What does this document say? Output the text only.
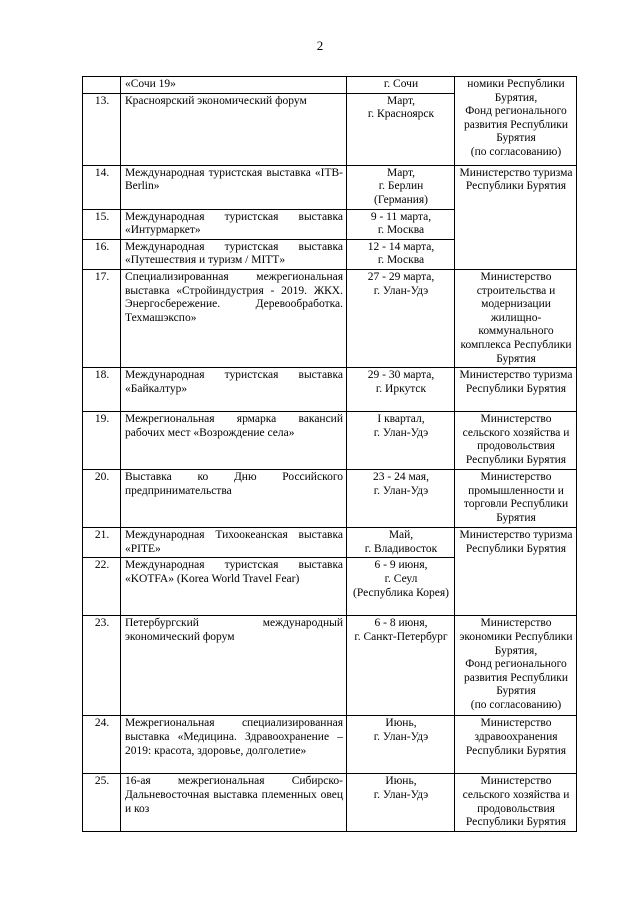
2
	«Сочи 19»	г. Сочи	номики Республики Бурятия,
Фонд регионального развития Республики Бурятия
(по согласованию)
13.	Красноярский экономический форум	Март,
г. Красноярск	
14.	Международная туристская выставка «ITB-Berlin»	Март,
г. Берлин
(Германия)	Министерство туризма Республики Бурятия
15.	Международная туристская выставка «Интурмаркет»	9 - 11 марта,
г. Москва	
16.	Международная туристская выставка «Путешествия и туризм / MITT»	12 - 14 марта,
г. Москва	
17.	Специализированная межрегиональная выставка «Стройиндустрия - 2019. ЖКХ. Энергосбережение. Деревообработка. Техмашэкспо»	27 - 29 марта,
г. Улан-Удэ	Министерство строительства и модернизации жилищно-коммунального комплекса Республики Бурятия
18.	Международная туристская выставка «Байкалтур»	29 - 30 марта,
г. Иркутск	Министерство туризма Республики Бурятия
19.	Межрегиональная ярмарка вакансий рабочих мест «Возрождение села»	I квартал,
г. Улан-Удэ	Министерство сельского хозяйства и продовольствия Республики Бурятия
20.	Выставка ко Дню Российского предпринимательства	23 - 24 мая,
г. Улан-Удэ	Министерство промышленности и торговли Республики Бурятия
21.	Международная Тихоокеанская выставка «PITE»	Май,
г. Владивосток	Министерство туризма Республики Бурятия
22.	Международная туристская выставка «KOTFA» (Korea World Travel Fear)	6 - 9 июня,
г. Сеул
(Республика Корея)	
23.	Петербургский международный экономический форум	6 - 8 июня,
г. Санкт-Петербург	Министерство экономики Республики Бурятия,
Фонд регионального развития Республики Бурятия
(по согласованию)
24.	Межрегиональная специализированная выставка «Медицина. Здравоохранение – 2019: красота, здоровье, долголетие»	Июнь,
г. Улан-Удэ	Министерство здравоохранения Республики Бурятия
25.	16-ая межрегиональная Сибирско-Дальневосточная выставка племенных овец и коз	Июнь,
г. Улан-Удэ	Министерство сельского хозяйства и продовольствия Республики Бурятия
